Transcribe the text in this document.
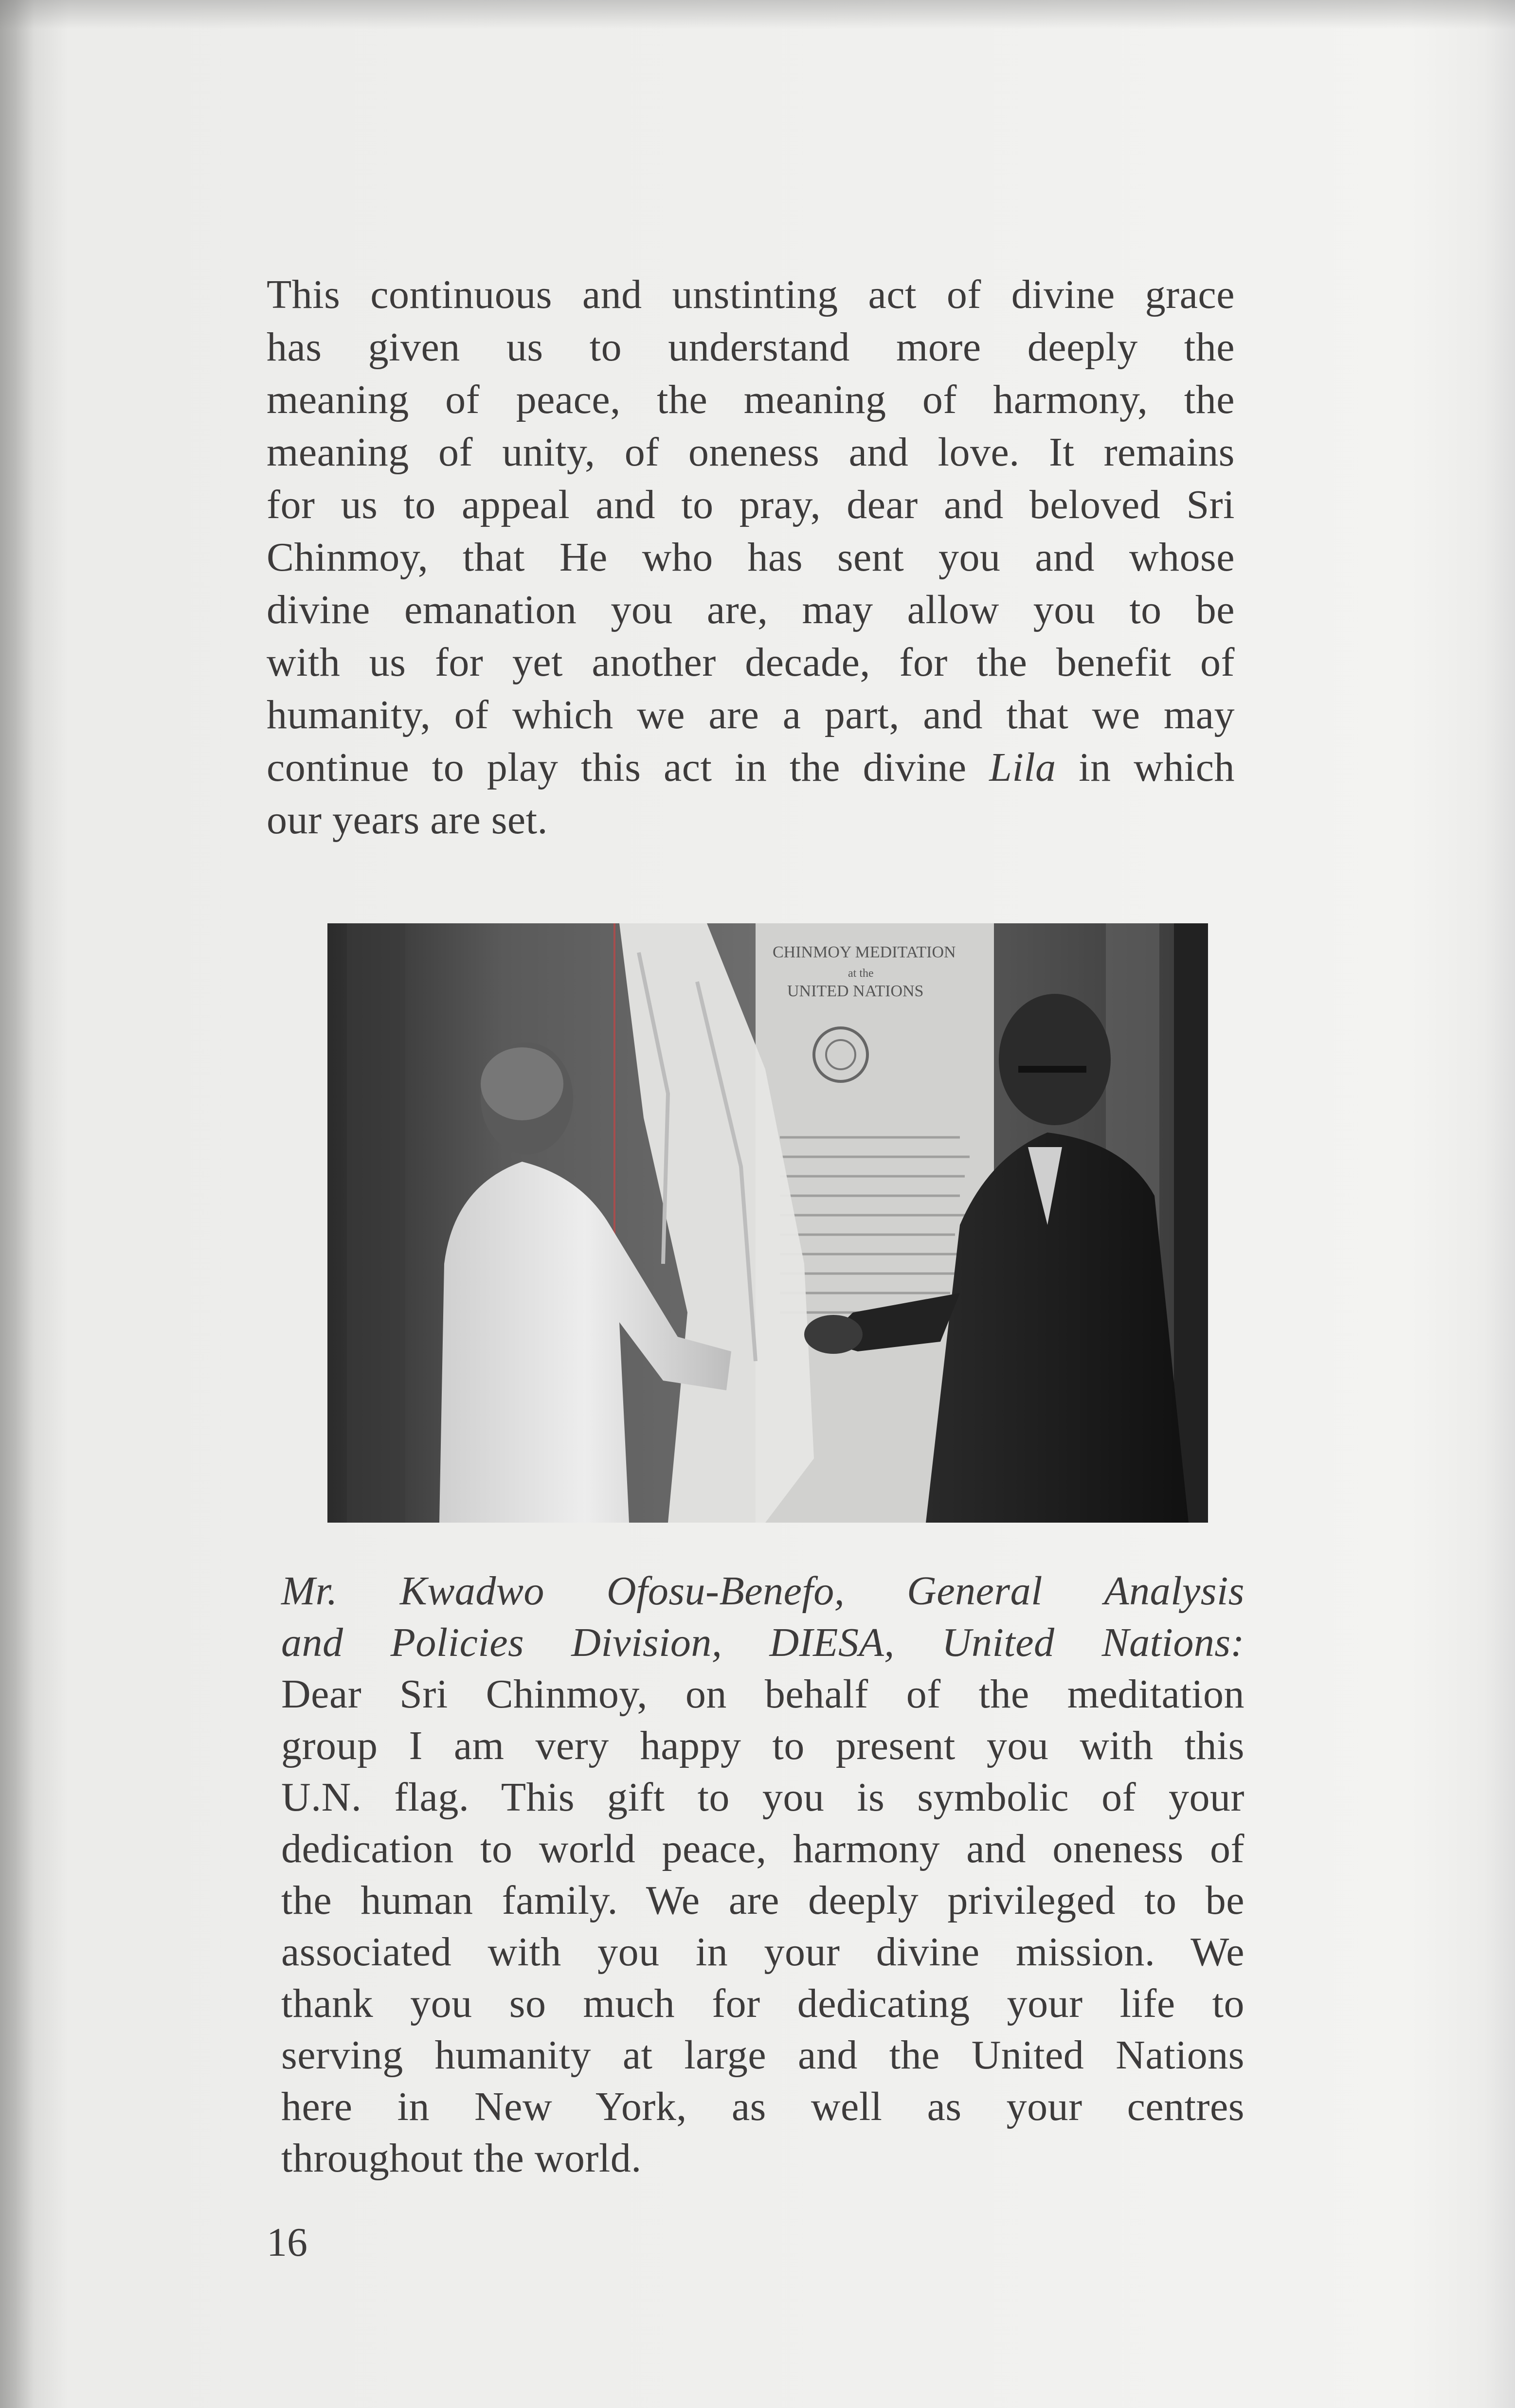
This continuous and unstinting act of divine grace
has given us to understand more deeply the
meaning of peace, the meaning of harmony, the
meaning of unity, of oneness and love. It remains
for us to appeal and to pray, dear and beloved Sri
Chinmoy, that He who has sent you and whose
divine emanation you are, may allow you to be
with us for yet another decade, for the benefit of
humanity, of which we are a part, and that we may
continue to play this act in the divine Lila in which
our years are set.
CHINMOY MEDITATION
at the
UNITED NATIONS
Mr. Kwadwo Ofosu-Benefo, General Analysis
and Policies Division, DIESA, United Nations:
Dear Sri Chinmoy, on behalf of the meditation
group I am very happy to present you with this
U.N. flag. This gift to you is symbolic of your
dedication to world peace, harmony and oneness of
the human family. We are deeply privileged to be
associated with you in your divine mission. We
thank you so much for dedicating your life to
serving humanity at large and the United Nations
here in New York, as well as your centres
throughout the world.
16
